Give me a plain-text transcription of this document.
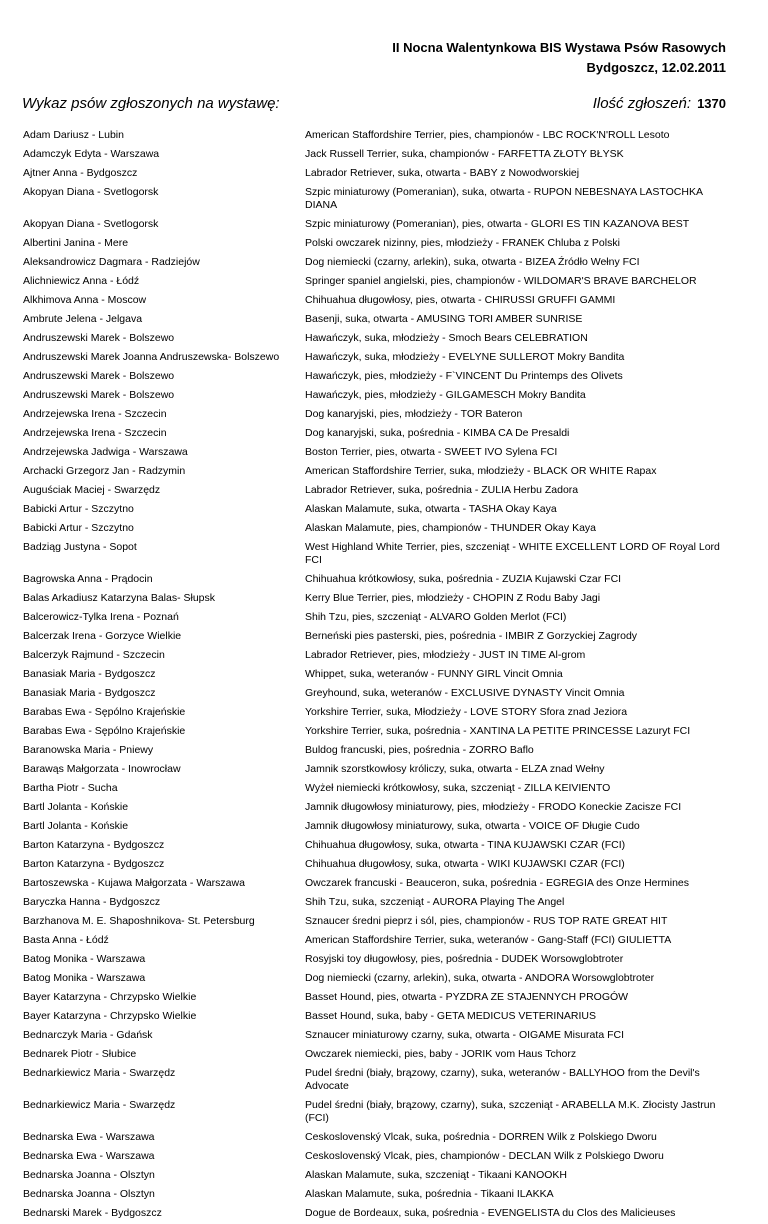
II Nocna Walentynkowa BIS Wystawa Psów Rasowych
Bydgoszcz, 12.02.2011
Wykaz psów zgłoszonych na wystawę:	Ilość zgłoszeń: 1370
Adam Dariusz - Lubin	American Staffordshire Terrier, pies, championów - LBC ROCK'N'ROLL Lesoto
Adamczyk Edyta - Warszawa	Jack Russell Terrier, suka, championów - FARFETTA ZŁOTY BŁYSK
Ajtner Anna - Bydgoszcz	Labrador Retriever, suka, otwarta - BABY z Nowodworskiej
Akopyan Diana - Svetlogorsk	Szpic miniaturowy (Pomeranian), suka, otwarta - RUPON NEBESNAYA LASTOCHKA DIANA
Akopyan Diana - Svetlogorsk	Szpic miniaturowy (Pomeranian), pies, otwarta - GLORI ES TIN KAZANOVA BEST
Albertini Janina - Mere	Polski owczarek nizinny, pies, młodzieży - FRANEK Chluba z Polski
Aleksandrowicz Dagmara - Radziejów	Dog niemiecki (czarny, arlekin), suka, otwarta - BIZEA Źródło Wełny FCI
Alichniewicz Anna - Łódź	Springer spaniel angielski, pies, championów - WILDOMAR'S BRAVE BARCHELOR
Alkhimova Anna - Moscow	Chihuahua długowłosy, pies, otwarta - CHIRUSSI GRUFFI GAMMI
Ambrute Jelena - Jelgava	Basenji, suka, otwarta - AMUSING TORI AMBER SUNRISE
Andruszewski Marek - Bolszewo	Hawańczyk, suka, młodzieży - Smoch Bears CELEBRATION
Andruszewski Marek Joanna Andruszewska- Bolszewo	Hawańczyk, suka, młodzieży - EVELYNE SULLEROT Mokry Bandita
Andruszewski Marek - Bolszewo	Hawańczyk, pies, młodzieży - F`VINCENT Du Printemps des Olivets
Andruszewski Marek - Bolszewo	Hawańczyk, pies, młodzieży - GILGAMESCH Mokry Bandita
Andrzejewska Irena - Szczecin	Dog kanaryjski, pies, młodzieży - TOR Bateron
Andrzejewska Irena - Szczecin	Dog kanaryjski, suka, pośrednia - KIMBA CA De Presaldi
Andrzejewska Jadwiga - Warszawa	Boston Terrier, pies, otwarta - SWEET IVO Sylena FCI
Archacki Grzegorz Jan - Radzymin	American Staffordshire Terrier, suka, młodzieży - BLACK OR WHITE Rapax
Auguściak Maciej - Swarzędz	Labrador Retriever, suka, pośrednia - ZULIA Herbu Zadora
Babicki Artur - Szczytno	Alaskan Malamute, suka, otwarta - TASHA Okay Kaya
Babicki Artur - Szczytno	Alaskan Malamute, pies, championów - THUNDER Okay Kaya
Badziąg Justyna - Sopot	West Highland White Terrier, pies, szczeniąt - WHITE EXCELLENT LORD OF Royal Lord FCI
Bagrowska Anna - Prądocin	Chihuahua krótkowłosy, suka, pośrednia - ZUZIA Kujawski Czar FCI
Balas Arkadiusz Katarzyna Balas- Słupsk	Kerry Blue Terrier, pies, młodzieży - CHOPIN Z Rodu Baby Jagi
Balcerowicz-Tylka Irena - Poznań	Shih Tzu, pies, szczeniąt - ALVARO Golden Merlot (FCI)
Balcerzak Irena - Gorzyce Wielkie	Berneński pies pasterski, pies, pośrednia - IMBIR Z Gorzyckiej Zagrody
Balcerzyk Rajmund - Szczecin	Labrador Retriever, pies, młodzieży - JUST IN TIME Al-grom
Banasiak Maria - Bydgoszcz	Whippet, suka, weteranów - FUNNY GIRL Vincit Omnia
Banasiak Maria - Bydgoszcz	Greyhound, suka, weteranów - EXCLUSIVE DYNASTY Vincit Omnia
Barabas Ewa - Sępólno Krajeńskie	Yorkshire Terrier, suka, Młodzieży - LOVE STORY Sfora znad Jeziora
Barabas Ewa - Sępólno Krajeńskie	Yorkshire Terrier, suka, pośrednia - XANTINA LA PETITE PRINCESSE Lazuryt FCI
Baranowska Maria - Pniewy	Buldog francuski, pies, pośrednia - ZORRO Baflo
Barawąs Małgorzata - Inowrocław	Jamnik szorstkowłosy króliczy, suka, otwarta - ELZA znad Wełny
Bartha Piotr - Sucha	Wyżeł niemiecki krótkowłosy, suka, szczeniąt - ZILLA KEIVIENTO
Bartl Jolanta - Końskie	Jamnik długowłosy miniaturowy, pies, młodzieży - FRODO Koneckie Zacisze FCI
Bartl Jolanta - Końskie	Jamnik długowłosy miniaturowy, suka, otwarta - VOICE OF Długie Cudo
Barton Katarzyna - Bydgoszcz	Chihuahua długowłosy, suka, otwarta - TINA KUJAWSKI CZAR (FCI)
Barton Katarzyna - Bydgoszcz	Chihuahua długowłosy, suka, otwarta - WIKI KUJAWSKI CZAR (FCI)
Bartoszewska - Kujawa Małgorzata - Warszawa	Owczarek francuski - Beauceron, suka, pośrednia - EGREGIA des Onze Hermines
Baryczka Hanna - Bydgoszcz	Shih Tzu, suka, szczeniąt - AURORA Playing The Angel
Barzhanova M. E. Shaposhnikova- St. Petersburg	Sznaucer średni pieprz i sól, pies, championów - RUS TOP RATE GREAT HIT
Basta Anna - Łódź	American Staffordshire Terrier, suka, weteranów - Gang-Staff (FCI) GIULIETTA
Batog Monika - Warszawa	Rosyjski toy długowłosy, pies, pośrednia - DUDEK Worsowglobtroter
Batog Monika - Warszawa	Dog niemiecki (czarny, arlekin), suka, otwarta - ANDORA Worsowglobtroter
Bayer Katarzyna - Chrzypsko Wielkie	Basset Hound, pies, otwarta - PYZDRA ZE STAJENNYCH PROGÓW
Bayer Katarzyna - Chrzypsko Wielkie	Basset Hound, suka, baby - GETA MEDICUS VETERINARIUS
Bednarczyk Maria - Gdańsk	Sznaucer miniaturowy czarny, suka, otwarta - OIGAME Misurata FCI
Bednarek Piotr - Słubice	Owczarek niemiecki, pies, baby - JORIK vom Haus Tchorz
Bednarkiewicz Maria - Swarzędz	Pudel średni (biały, brązowy, czarny), suka, weteranów - BALLYHOO from the Devil's Advocate
Bednarkiewicz Maria - Swarzędz	Pudel średni (biały, brązowy, czarny), suka, szczeniąt - ARABELLA M.K. Złocisty Jastrun (FCI)
Bednarska Ewa - Warszawa	Ceskoslovenský Vlcak, suka, pośrednia - DORREN Wilk z Polskiego Dworu
Bednarska Ewa - Warszawa	Ceskoslovenský Vlcak, pies, championów - DECLAN Wilk z Polskiego Dworu
Bednarska Joanna - Olsztyn	Alaskan Malamute, suka, szczeniąt - Tikaani KANOOKH
Bednarska Joanna - Olsztyn	Alaskan Malamute, suka, pośrednia - Tikaani ILAKKA
Bednarski Marek - Bydgoszcz	Dogue de Bordeaux, suka, pośrednia - EVENGELISTA du Clos des Malicieuses
